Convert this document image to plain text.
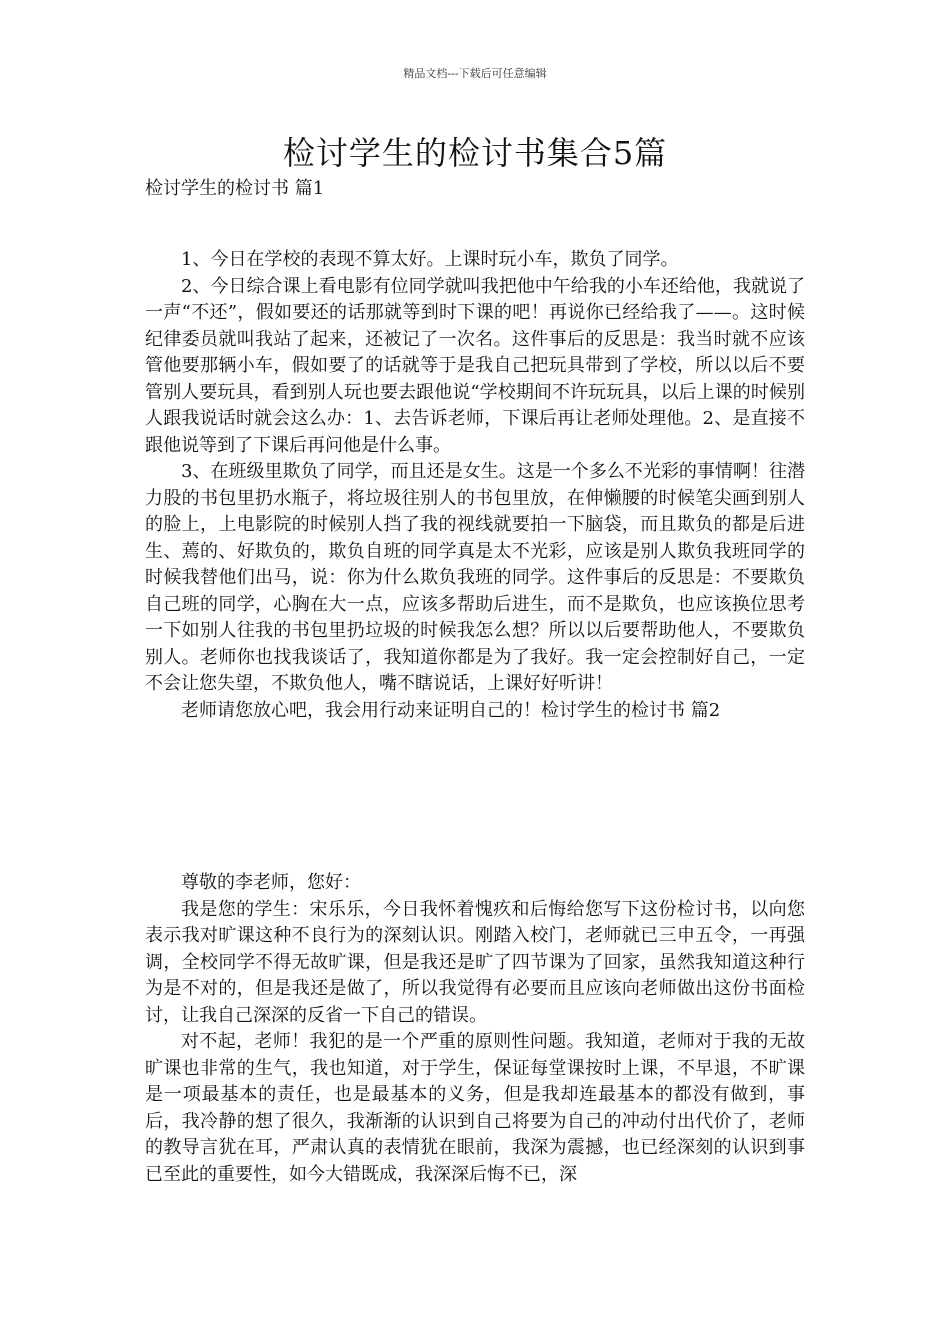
精品文档---下载后可任意编辑
检讨学生的检讨书集合5篇
检讨学生的检讨书 篇1

1、今日在学校的表现不算太好。上课时玩小车，欺负了同学。

2、今日综合课上看电影有位同学就叫我把他中午给我的小车还给他，我就说了一声“不还”，假如要还的话那就等到时下课的吧！再说你已经给我了——。这时候纪律委员就叫我站了起来，还被记了一次名。这件事后的反思是：我当时就不应该管他要那辆小车，假如要了的话就等于是我自己把玩具带到了学校，所以以后不要管别人要玩具，看到别人玩也要去跟他说“学校期间不许玩玩具，以后上课的时候别人跟我说话时就会这么办：1、去告诉老师，下课后再让老师处理他。2、是直接不跟他说等到了下课后再问他是什么事。

3、在班级里欺负了同学，而且还是女生。这是一个多么不光彩的事情啊！往潜力股的书包里扔水瓶子，将垃圾往别人的书包里放，在伸懒腰的时候笔尖画到别人的脸上，上电影院的时候别人挡了我的视线就要拍一下脑袋，而且欺负的都是后进生、蔫的、好欺负的，欺负自班的同学真是太不光彩，应该是别人欺负我班同学的时候我替他们出马，说：你为什么欺负我班的同学。这件事后的反思是：不要欺负自己班的同学，心胸在大一点，应该多帮助后进生，而不是欺负，也应该换位思考一下如别人往我的书包里扔垃圾的时候我怎么想？所以以后要帮助他人，不要欺负别人。老师你也找我谈话了，我知道你都是为了我好。我一定会控制好自己，一定不会让您失望，不欺负他人，嘴不瞎说话，上课好好听讲！

老师请您放心吧，我会用行动来证明自己的！检讨学生的检讨书 篇2

尊敬的李老师，您好：

我是您的学生：宋乐乐，今日我怀着愧疚和后悔给您写下这份检讨书，以向您表示我对旷课这种不良行为的深刻认识。刚踏入校门，老师就已三申五令，一再强调，全校同学不得无故旷课，但是我还是旷了四节课为了回家，虽然我知道这种行为是不对的，但是我还是做了，所以我觉得有必要而且应该向老师做出这份书面检讨，让我自己深深的反省一下自己的错误。

对不起，老师！我犯的是一个严重的原则性问题。我知道，老师对于我的无故旷课也非常的生气，我也知道，对于学生，保证每堂课按时上课，不早退，不旷课是一项最基本的责任，也是最基本的义务，但是我却连最基本的都没有做到，事后，我冷静的想了很久，我渐渐的认识到自己将要为自己的冲动付出代价了，老师的教导言犹在耳，严肃认真的表情犹在眼前，我深为震撼，也已经深刻的认识到事已至此的重要性，如今大错既成，我深深后悔不已，深
